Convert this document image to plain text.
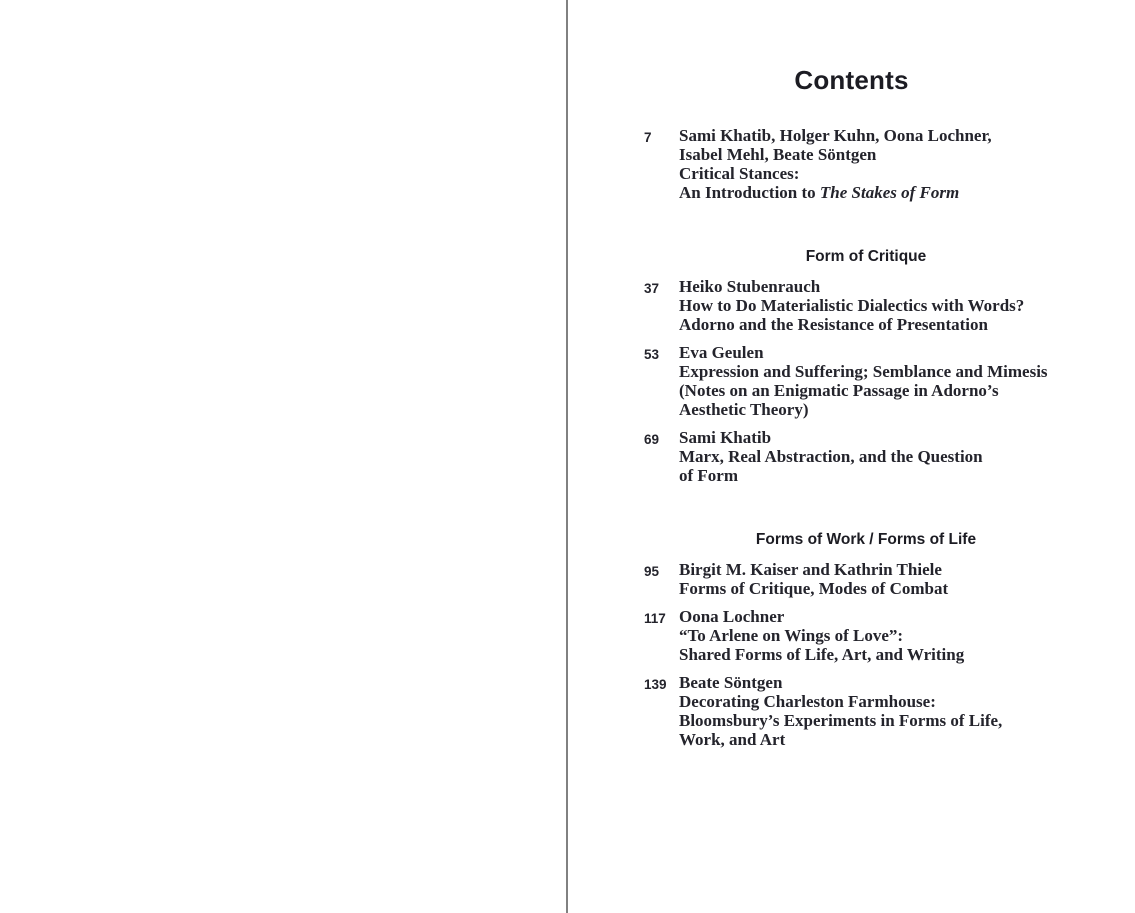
Contents
7	Sami Khatib, Holger Kuhn, Oona Lochner,
Isabel Mehl, Beate Söntgen
Critical Stances:
An Introduction to The Stakes of Form
Form of Critique
37	Heiko Stubenrauch
How to Do Materialistic Dialectics with Words?
Adorno and the Resistance of Presentation
53	Eva Geulen
Expression and Suffering; Semblance and Mimesis
(Notes on an Enigmatic Passage in Adorno’s
Aesthetic Theory)
69	Sami Khatib
Marx, Real Abstraction, and the Question
of Form
Forms of Work / Forms of Life
95	Birgit M. Kaiser and Kathrin Thiele
Forms of Critique, Modes of Combat
117 Oona Lochner
“To Arlene on Wings of Love”:
Shared Forms of Life, Art, and Writing
139 Beate Söntgen
Decorating Charleston Farmhouse:
Bloomsbury’s Experiments in Forms of Life,
Work, and Art
